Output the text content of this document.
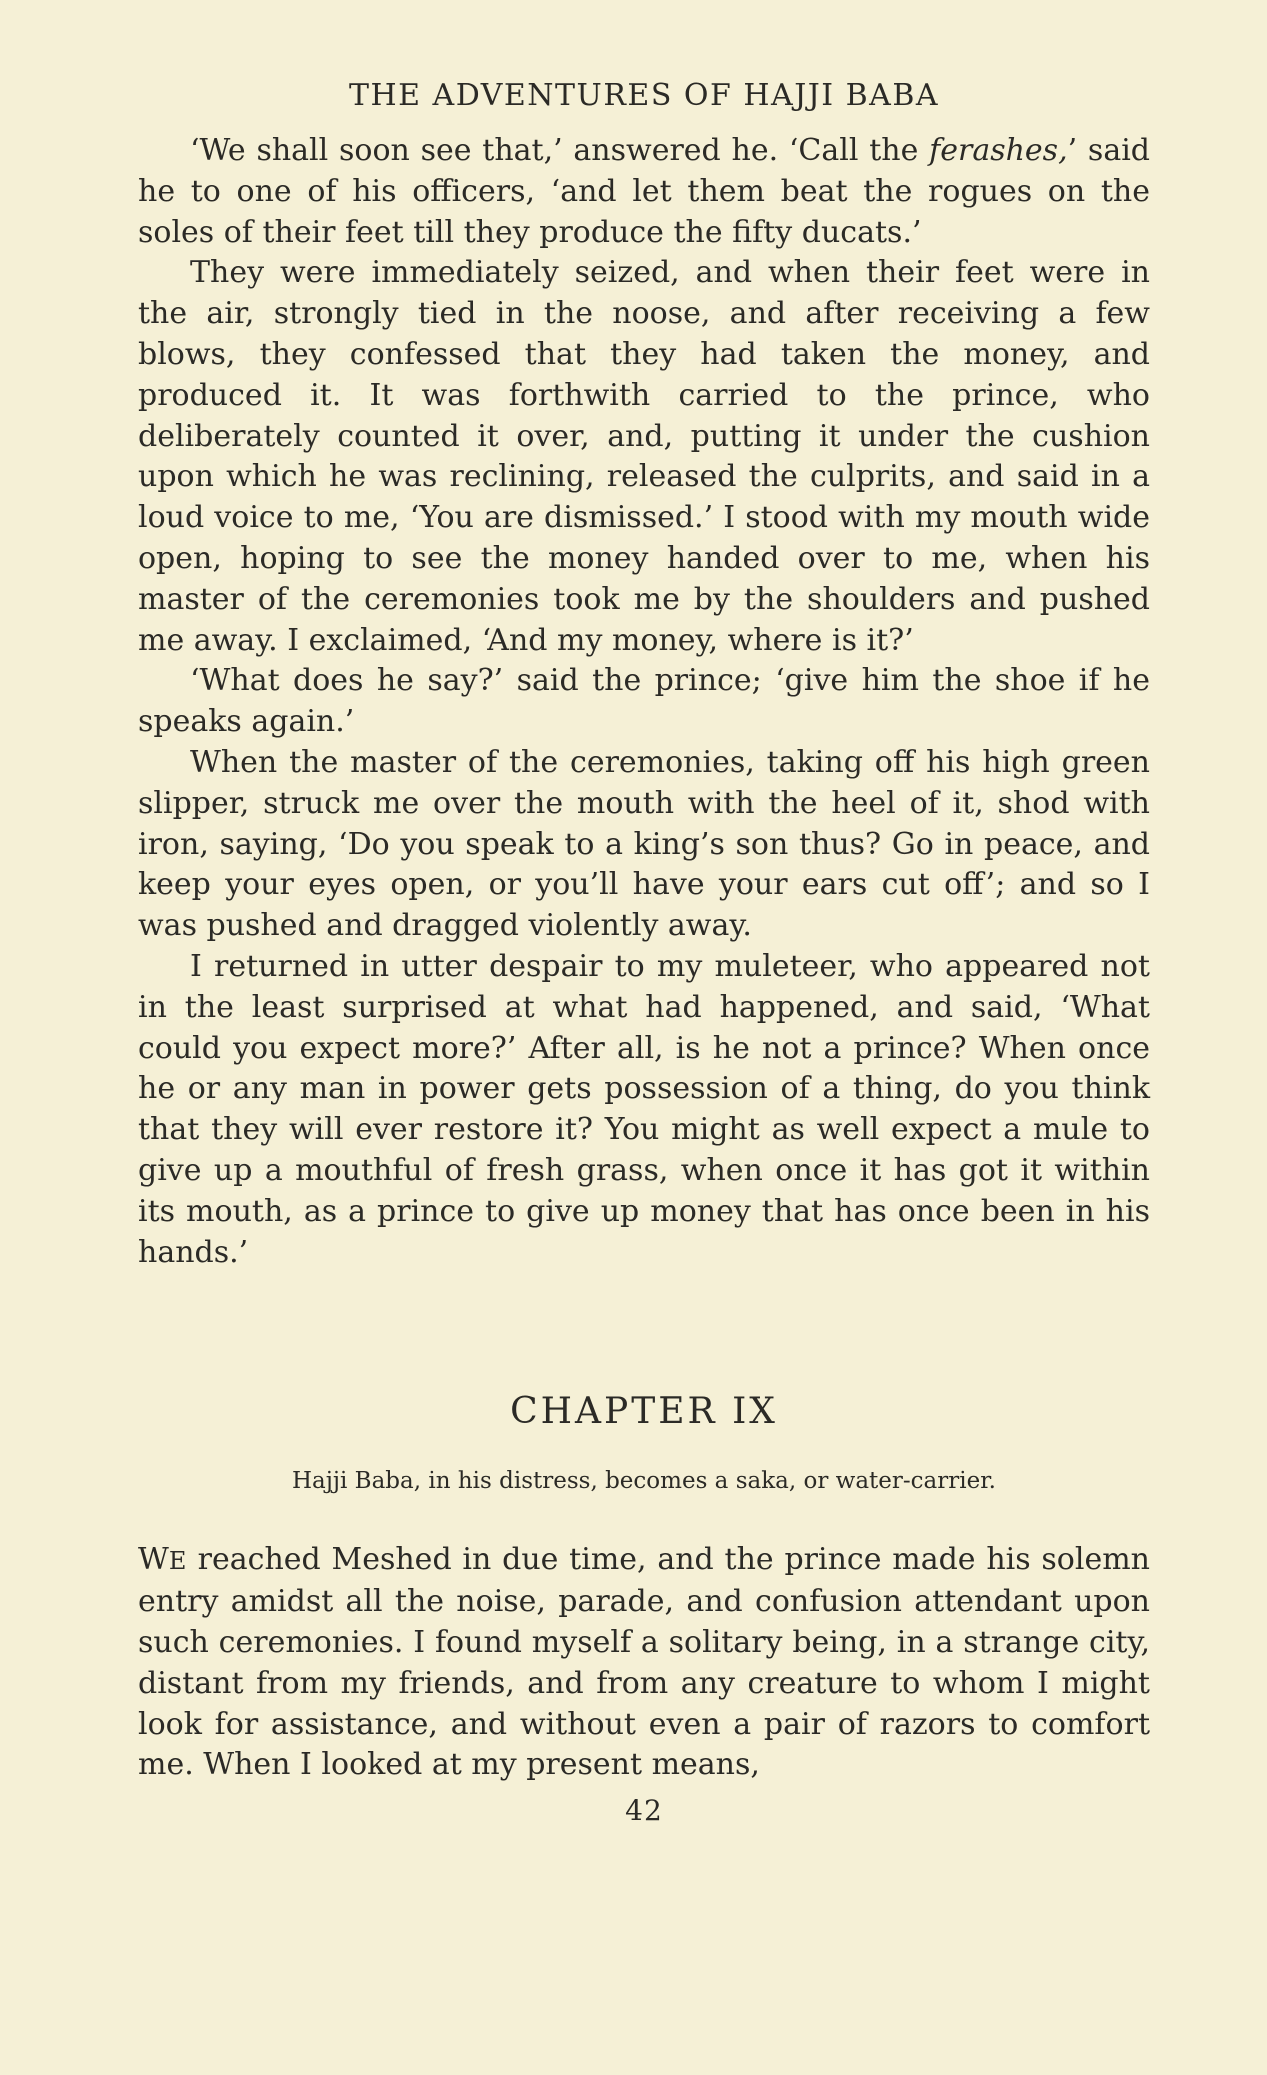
THE ADVENTURES OF HAJJI BABA

‘We shall soon see that,’ answered he. ‘Call the ferashes,’ said he to one of his officers, ‘and let them beat the rogues on the soles of their feet till they produce the fifty ducats.’

They were immediately seized, and when their feet were in the air, strongly tied in the noose, and after receiving a few blows, they confessed that they had taken the money, and produced it. It was forthwith carried to the prince, who deliberately counted it over, and, putting it under the cushion upon which he was reclining, released the culprits, and said in a loud voice to me, ‘You are dismissed.’ I stood with my mouth wide open, hoping to see the money handed over to me, when his master of the ceremonies took me by the shoulders and pushed me away. I exclaimed, ‘And my money, where is it?’

‘What does he say?’ said the prince; ‘give him the shoe if he speaks again.’

When the master of the ceremonies, taking off his high green slipper, struck me over the mouth with the heel of it, shod with iron, saying, ‘Do you speak to a king’s son thus? Go in peace, and keep your eyes open, or you’ll have your ears cut off’; and so I was pushed and dragged violently away.

I returned in utter despair to my muleteer, who appeared not in the least surprised at what had happened, and said, ‘What could you expect more?’ After all, is he not a prince? When once he or any man in power gets possession of a thing, do you think that they will ever restore it? You might as well expect a mule to give up a mouthful of fresh grass, when once it has got it within its mouth, as a prince to give up money that has once been in his hands.’

CHAPTER IX
Hajji Baba, in his distress, becomes a saka, or water-carrier.

WE reached Meshed in due time, and the prince made his solemn entry amidst all the noise, parade, and confusion attendant upon such ceremonies. I found myself a solitary being, in a strange city, distant from my friends, and from any creature to whom I might look for assistance, and without even a pair of razors to comfort me. When I looked at my present means,

42
